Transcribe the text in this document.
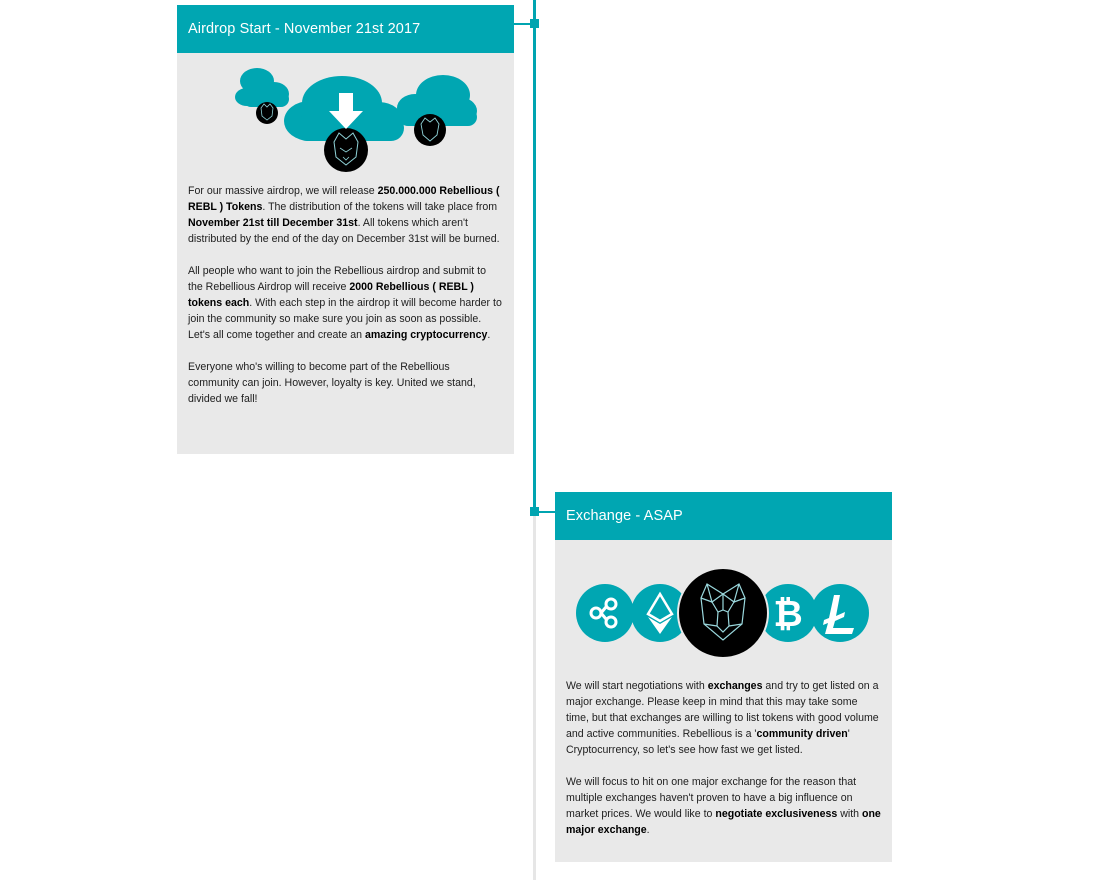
Airdrop Start - November 21st 2017

For our massive airdrop, we will release 250.000.000 Rebellious ( REBL ) Tokens. The distribution of the tokens will take place from November 21st till December 31st. All tokens which aren't distributed by the end of the day on December 31st will be burned.

All people who want to join the Rebellious airdrop and submit to the Rebellious Airdrop will receive 2000 Rebellious ( REBL ) tokens each. With each step in the airdrop it will become harder to join the community so make sure you join as soon as possible. Let's all come together and create an amazing cryptocurrency.

Everyone who's willing to become part of the Rebellious community can join. However, loyalty is key. United we stand, divided we fall!

Exchange - ASAP
₿

We will start negotiations with exchanges and try to get listed on a major exchange. Please keep in mind that this may take some time, but that exchanges are willing to list tokens with good volume and active communities. Rebellious is a 'community driven' Cryptocurrency, so let's see how fast we get listed.

We will focus to hit on one major exchange for the reason that multiple exchanges haven't proven to have a big influence on market prices. We would like to negotiate exclusiveness with one major exchange.
